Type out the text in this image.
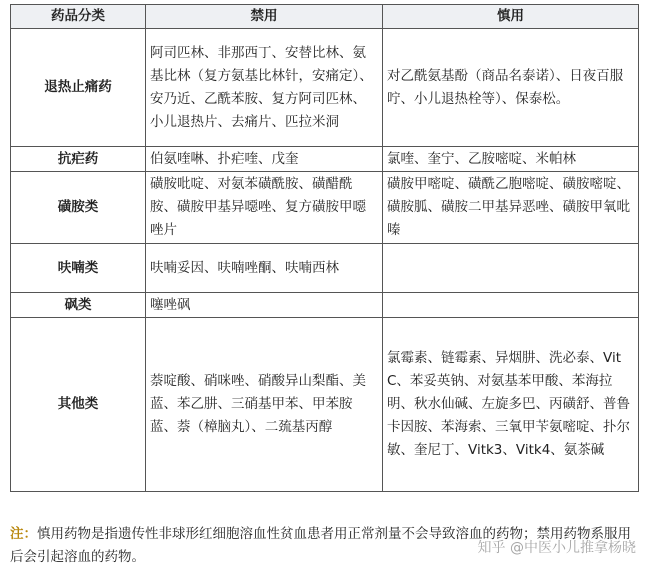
药品分类	禁用	慎用
退热止痛药	阿司匹林、非那西丁、安替比林、氨基比林（复方氨基比林针，安痛定）、安乃近、乙酰苯胺、复方阿司匹林、小儿退热片、去痛片、匹拉米洞	对乙酰氨基酚（商品名泰诺）、日夜百服咛、小儿退热栓等）、保泰松。
抗疟药	伯氨喹啉、扑疟喹、戊奎	氯喹、奎宁、乙胺嘧啶、米帕林
磺胺类	磺胺吡啶、对氨苯磺酰胺、磺醋酰胺、磺胺甲基异噁唑、复方磺胺甲噁唑片	磺胺甲嘧啶、磺酰乙胞嘧啶、磺胺嘧啶、磺胺胍、磺胺二甲基异恶唑、磺胺甲氧吡嗪
呋喃类	呋喃妥因、呋喃唑酮、呋喃西林	
砜类	噻唑砜	
其他类	萘啶酸、硝咪唑、硝酸异山梨酯、美蓝、苯乙肼、三硝基甲苯、甲苯胺蓝、萘（樟脑丸）、二巯基丙醇	氯霉素、链霉素、异烟肼、洗必泰、VitC、苯妥英钠、对氨基苯甲酸、苯海拉明、秋水仙碱、左旋多巴、丙磺舒、普鲁卡因胺、苯海索、三氧甲苄氨嘧啶、扑尔敏、奎尼丁、Vitk3、Vitk4、氨茶碱
注：慎用药物是指遗传性非球形红细胞溶血性贫血患者用正常剂量不会导致溶血的药物；禁用药物系服用后会引起溶血的药物。
知乎 @中医小儿推拿杨晓
